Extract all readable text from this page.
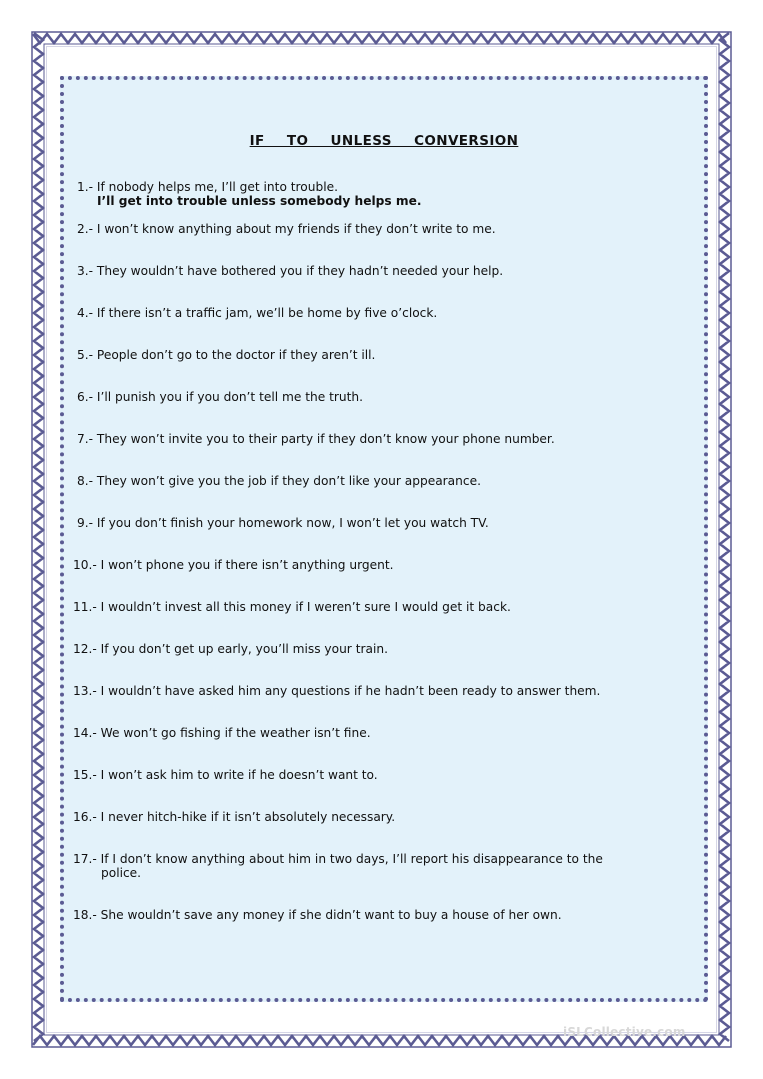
IF  TO  UNLESS  CONVERSION
1.- If nobody helps me, I’ll get into trouble.
I’ll get into trouble unless somebody helps me.
2.- I won’t know anything about my friends if they don’t write to me.
3.- They wouldn’t have bothered you if they hadn’t needed your help.
4.- If there isn’t a traffic jam, we’ll be home by five o’clock.
5.- People don’t go to the doctor if they aren’t ill.
6.- I’ll punish you if you don’t tell me the truth.
7.- They won’t invite you to their party if they don’t know your phone number.
8.- They won’t give you the job if they don’t like your appearance.
9.- If you don’t finish your homework now, I won’t let you watch TV.
10.- I won’t phone you if there isn’t anything urgent.
11.- I wouldn’t invest all this money if I weren’t sure I would get it back.
12.- If you don’t get up early, you’ll miss your train.
13.- I wouldn’t have asked him any questions if he hadn’t been ready to answer them.
14.- We won’t go fishing if the weather isn’t fine.
15.- I won’t ask him to write if he doesn’t want to.
16.- I never hitch-hike if it isn’t absolutely necessary.
17.- If I don’t know anything about him in two days, I’ll report his disappearance to the
police.
18.- She wouldn’t save any money if she didn’t want to buy a house of her own.
iSLCollective.com
